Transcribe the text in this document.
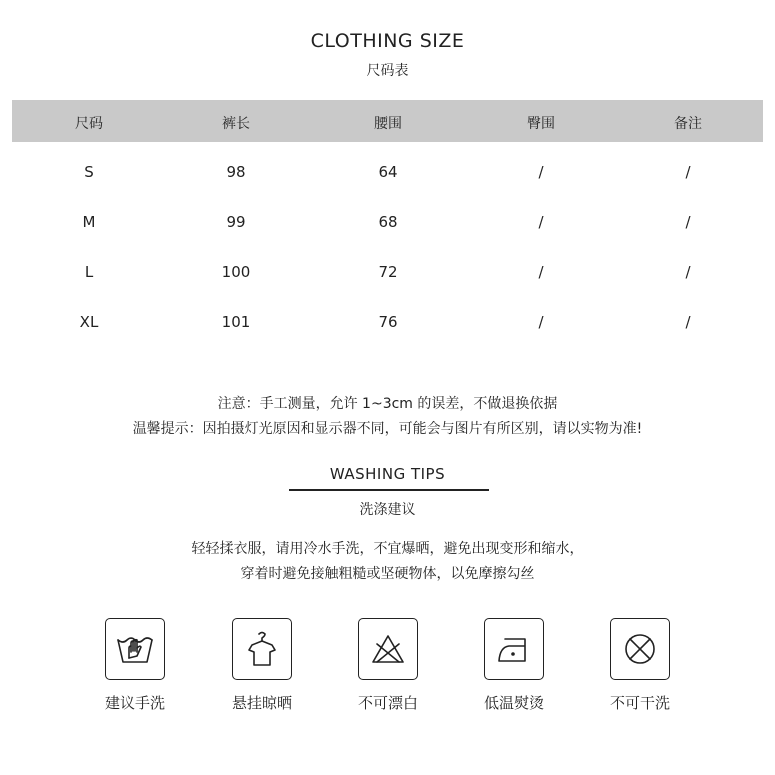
CLOTHING SIZE
尺码表
尺码	裤长	腰围	臀围	备注
S	98	64	/	/
M	99	68	/	/
L	100	72	/	/
XL	101	76	/	/
注意：手工测量，允许 1~3cm 的误差，不做退换依据
温馨提示：因拍摄灯光原因和显示器不同，可能会与图片有所区别，请以实物为准!
WASHING TIPS
洗涤建议
轻轻揉衣服，请用冷水手洗，不宜爆晒，避免出现变形和缩水，
穿着时避免接触粗糙或坚硬物体，以免摩擦勾丝
建议手洗	悬挂晾晒	不可漂白	低温熨烫	不可干洗
